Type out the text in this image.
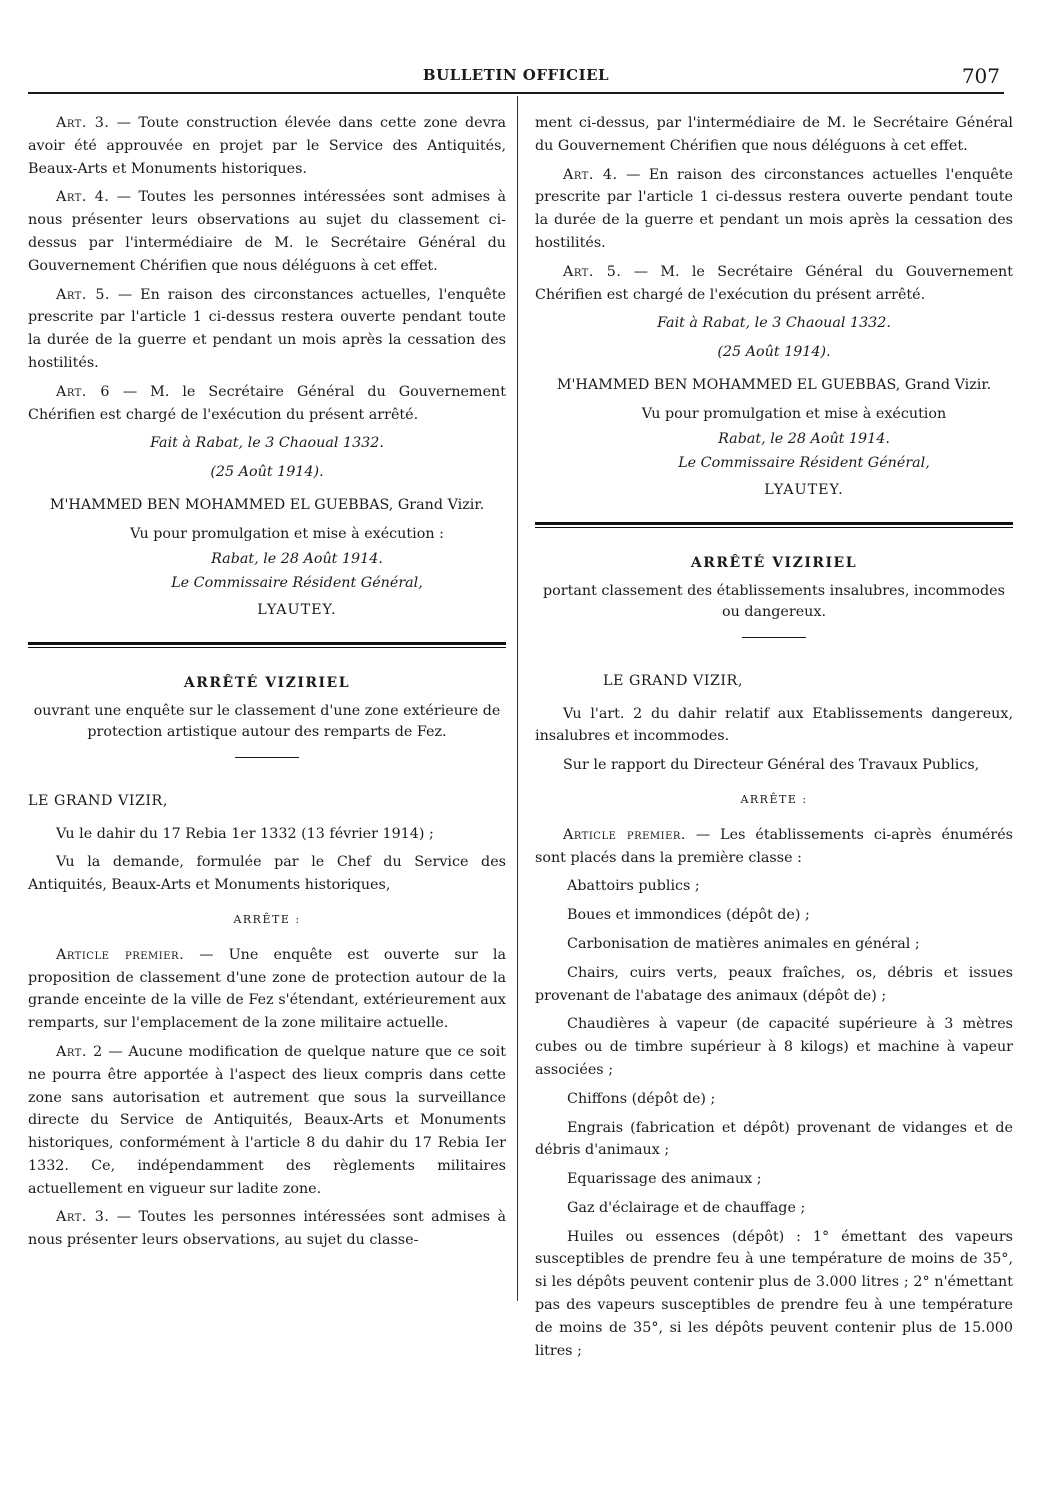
BULLETIN OFFICIEL	707

Art. 3. — Toute construction élevée dans cette zone devra avoir été approuvée en projet par le Service des Antiquités, Beaux-Arts et Monuments historiques.

Art. 4. — Toutes les personnes intéressées sont admises à nous présenter leurs observations au sujet du classement ci-dessus par l'intermédiaire de M. le Secrétaire Général du Gouvernement Chérifien que nous déléguons à cet effet.

Art. 5. — En raison des circonstances actuelles, l'enquête prescrite par l'article 1 ci-dessus restera ouverte pendant toute la durée de la guerre et pendant un mois après la cessation des hostilités.

Art. 6 — M. le Secrétaire Général du Gouvernement Chérifien est chargé de l'exécution du présent arrêté.

Fait à Rabat, le 3 Chaoual 1332.
(25 Août 1914).
M'HAMMED BEN MOHAMMED EL GUEBBAS, Grand Vizir.
Vu pour promulgation et mise à exécution :
Rabat, le 28 Août 1914.
Le Commissaire Résident Général,
LYAUTEY.
ARRÊTÉ VIZIRIEL
ouvrant une enquête sur le classement d'une zone extérieure de protection artistique autour des remparts de Fez.
LE GRAND VIZIR,

Vu le dahir du 17 Rebia 1er 1332 (13 février 1914) ;

Vu la demande, formulée par le Chef du Service des Antiquités, Beaux-Arts et Monuments historiques,

ARRÊTE :

Article premier. — Une enquête est ouverte sur la proposition de classement d'une zone de protection autour de la grande enceinte de la ville de Fez s'étendant, extérieurement aux remparts, sur l'emplacement de la zone militaire actuelle.

Art. 2 — Aucune modification de quelque nature que ce soit ne pourra être apportée à l'aspect des lieux compris dans cette zone sans autorisation et autrement que sous la surveillance directe du Service de Antiquités, Beaux-Arts et Monuments historiques, conformément à l'article 8 du dahir du 17 Rebia Ier 1332. Ce, indépendamment des règlements militaires actuellement en vigueur sur ladite zone.

Art. 3. — Toutes les personnes intéressées sont admises à nous présenter leurs observations, au sujet du classe-

ment ci-dessus, par l'intermédiaire de M. le Secrétaire Général du Gouvernement Chérifien que nous déléguons à cet effet.

Art. 4. — En raison des circonstances actuelles l'enquête prescrite par l'article 1 ci-dessus restera ouverte pendant toute la durée de la guerre et pendant un mois après la cessation des hostilités.

Art. 5. — M. le Secrétaire Général du Gouvernement Chérifien est chargé de l'exécution du présent arrêté.

Fait à Rabat, le 3 Chaoual 1332.
(25 Août 1914).
M'HAMMED BEN MOHAMMED EL GUEBBAS, Grand Vizir.
Vu pour promulgation et mise à exécution
Rabat, le 28 Août 1914.
Le Commissaire Résident Général,
LYAUTEY.
ARRÊTÉ VIZIRIEL
portant classement des établissements insalubres, incommodes ou dangereux.
LE GRAND VIZIR,

Vu l'art. 2 du dahir relatif aux Etablissements dangereux, insalubres et incommodes.

Sur le rapport du Directeur Général des Travaux Publics,

ARRÊTE :

Article premier. — Les établissements ci-après énumérés sont placés dans la première classe :

Abattoirs publics ;

Boues et immondices (dépôt de) ;

Carbonisation de matières animales en général ;

Chairs, cuirs verts, peaux fraîches, os, débris et issues provenant de l'abatage des animaux (dépôt de) ;

Chaudières à vapeur (de capacité supérieure à 3 mètres cubes ou de timbre supérieur à 8 kilogs) et machine à vapeur associées ;

Chiffons (dépôt de) ;

Engrais (fabrication et dépôt) provenant de vidanges et de débris d'animaux ;

Equarissage des animaux ;

Gaz d'éclairage et de chauffage ;

Huiles ou essences (dépôt) : 1° émettant des vapeurs susceptibles de prendre feu à une température de moins de 35°, si les dépôts peuvent contenir plus de 3.000 litres ; 2° n'émettant pas des vapeurs susceptibles de prendre feu à une température de moins de 35°, si les dépôts peuvent contenir plus de 15.000 litres ;
